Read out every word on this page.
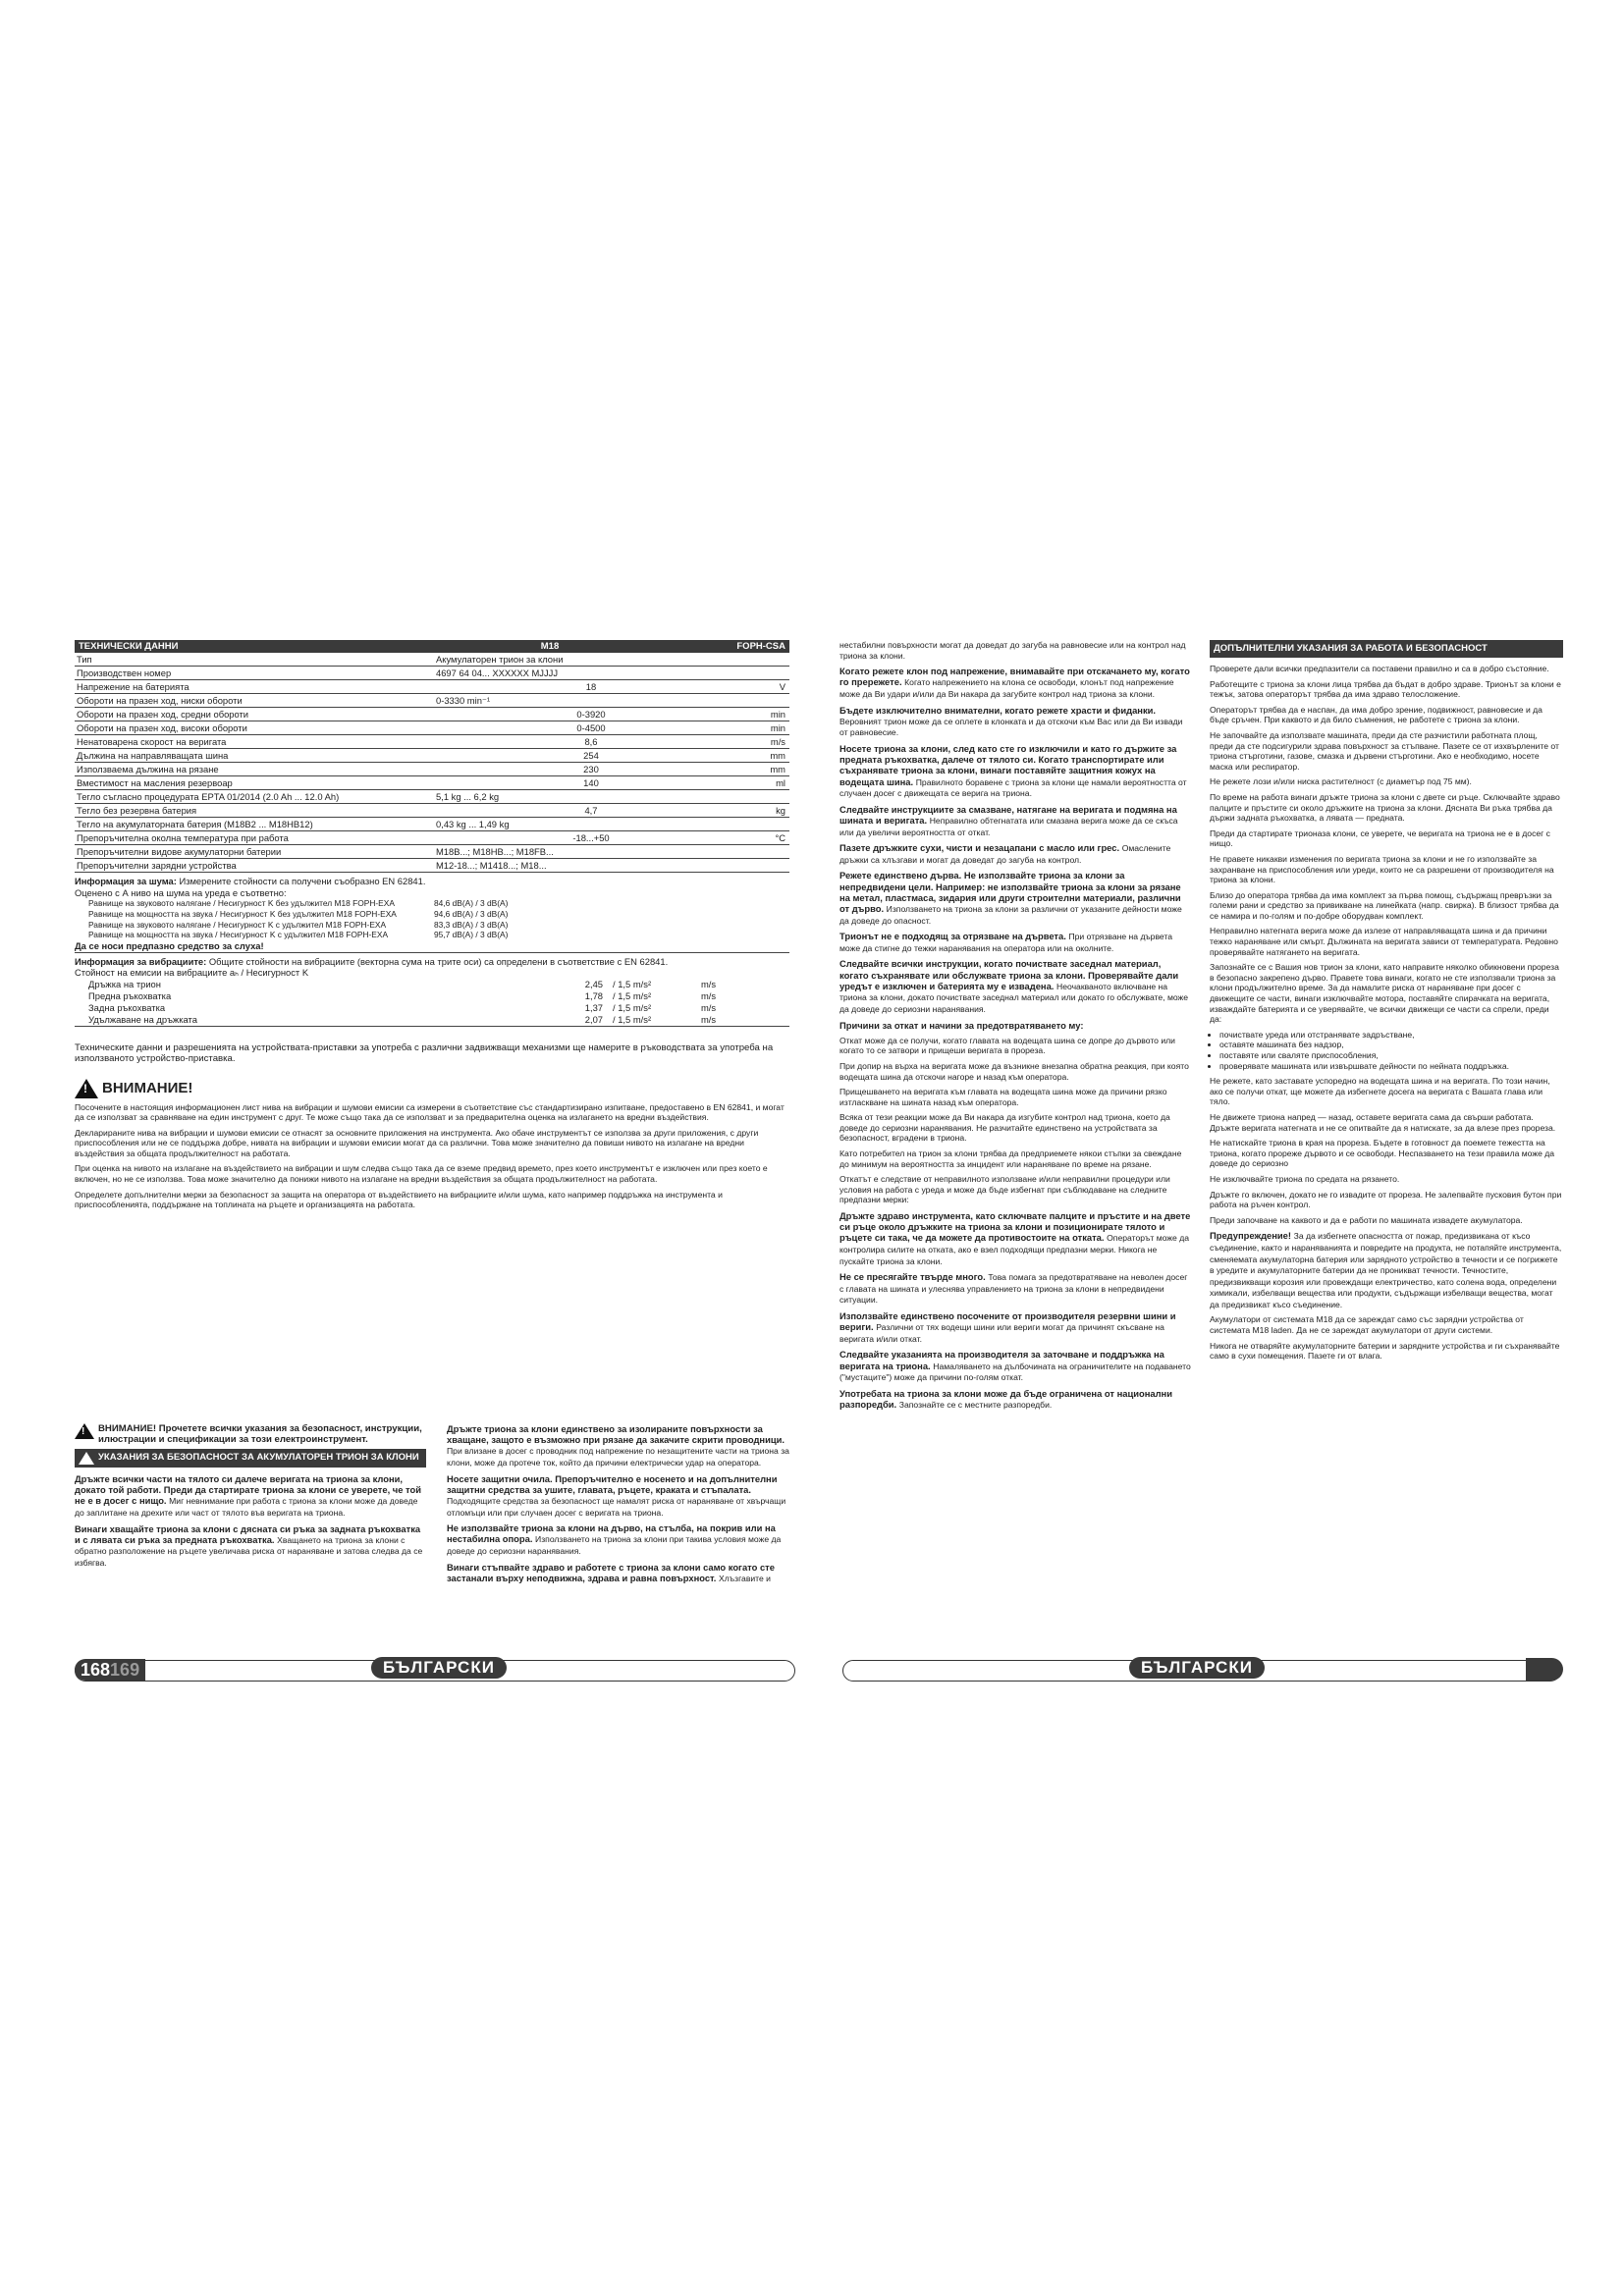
ТЕХНИЧЕСКИ ДАННИ	M18	FOPH-CSA
Тип	Акумулаторен трион за клони
Производствен номер	4697 64 04... XXXXXX MJJJJ
Напрежение на батерията	18	V
Обороти на празен ход, ниски обороти	0-3330 min⁻¹
Обороти на празен ход, средни обороти	0-3920	min
Обороти на празен ход, високи обороти	0-4500	min
Ненатоварена скорост на веригата	8,6	m/s
Дължина на направляващата шина	254	mm
Използваема дължина на рязане	230	mm
Вместимост на масления резервоар	140	ml
Тегло съгласно процедурата EPTA 01/2014 (2.0 Ah ... 12.0 Ah)	5,1 kg ... 6,2 kg
Тегло без резервна батерия	4,7	kg
Тегло на акумулаторната батерия (M18B2 ... M18HB12)	0,43 kg ... 1,49 kg
Препоръчителна околна температура при работа	-18...+50	°C
Препоръчителни видове акумулаторни батерии	M18B...; M18HB...; M18FB...
Препоръчителни зарядни устройства	M12-18...; M1418...; M18...
Информация за шума: Измерените стойности са получени съобразно EN 62841.
Оценено с А ниво на шума на уреда е съответно:
Равнище на звуковото налягане / Несигурност K без удължител M18 FOPH-EXA	84,6 dB(A) / 3 dB(A)
Равнище на мощността на звука / Несигурност K без удължител M18 FOPH-EXA	94,6 dB(A) / 3 dB(A)
Равнище на звуковото налягане / Несигурност K с удължител M18 FOPH-EXA	83,3 dB(A) / 3 dB(A)
Равнище на мощността на звука / Несигурност K с удължител M18 FOPH-EXA	95,7 dB(A) / 3 dB(A)
Да се носи предпазно средство за слуха!
Информация за вибрациите: Общите стойности на вибрациите (векторна сума на трите оси) са определени в съответствие с EN 62841.
Стойност на емисии на вибрациите aₕ / Несигурност K
Дръжка на трион	2,45	/ 1,5 m/s²	m/s
Предна ръкохватка	1,78	/ 1,5 m/s²	m/s
Задна ръкохватка	1,37	/ 1,5 m/s²	m/s
Удължаване на дръжката	2,07	/ 1,5 m/s²	m/s

Техническите данни и разрешенията на устройствата-приставки за употреба с различни задвижващи механизми ще намерите в ръководствата за употреба на използваното устройство-приставка.

! ВНИМАНИЕ!

Посочените в настоящия информационен лист нива на вибрации и шумови емисии са измерени в съответствие със стандартизирано изпитване, предоставено в EN 62841, и могат да се използват за сравняване на един инструмент с друг. Те може също така да се използват и за предварителна оценка на излагането на вредни въздействия.

Декларираните нива на вибрации и шумови емисии се отнасят за основните приложения на инструмента. Ако обаче инструментът се използва за други приложения, с други приспособления или не се поддържа добре, нивата на вибрации и шумови емисии могат да са различни. Това може значително да повиши нивото на излагане на вредни въздействия за общата продължителност на работата.

При оценка на нивото на излагане на въздействието на вибрации и шум следва също така да се вземе предвид времето, през което инструментът е изключен или през което е включен, но не се използва. Това може значително да понижи нивото на излагане на вредни въздействия за общата продължителност на работата.

Определете допълнителни мерки за безопасност за защита на оператора от въздействието на вибрациите и/или шума, като например поддръжка на инструмента и приспособленията, поддържане на топлината на ръцете и организацията на работата.

! ВНИМАНИЕ! Прочетете всички указания за безопасност, инструкции, илюстрации и спецификации за този електроинструмент.
УКАЗАНИЯ ЗА БЕЗОПАСНОСТ ЗА АКУМУЛАТОРЕН ТРИОН ЗА КЛОНИ

Дръжте всички части на тялото си далече веригата на триона за клони, докато той работи. Преди да стартирате триона за клони се уверете, че той не е в досег с нищо. Миг невнимание при работа с триона за клони може да доведе до заплитане на дрехите или част от тялото във веригата на триона.

Винаги хващайте триона за клони с дясната си ръка за задната ръкохватка и с лявата си ръка за предната ръкохватка. Хващането на триона за клони с обратно разположение на ръцете увеличава риска от нараняване и затова следва да се избягва.

Дръжте триона за клони единствено за изолираните повърхности за хващане, защото е възможно при рязане да закачите скрити проводници. При влизане в досег с проводник под напрежение по незащитените части на триона за клони, може да протече ток, който да причини електрически удар на оператора.

Носете защитни очила. Препоръчително е носенето и на допълнителни защитни средства за ушите, главата, ръцете, краката и стъпалата. Подходящите средства за безопасност ще намалят риска от нараняване от хвърчащи отломъци или при случаен досег с веригата на триона.

Не използвайте триона за клони на дърво, на стълба, на покрив или на нестабилна опора. Използването на триона за клони при такива условия може да доведе до сериозни наранявания.

Винаги стъпвайте здраво и работете с триона за клони само когато сте застанали върху неподвижна, здрава и равна повърхност. Хлъзгавите и

нестабилни повърхности могат да доведат до загуба на равновесие или на контрол над триона за клони.

Когато режете клон под напрежение, внимавайте при отскачането му, когато го прережете. Когато напрежението на клона се освободи, клонът под напрежение може да Ви удари и/или да Ви накара да загубите контрол над триона за клони.

Бъдете изключително внимателни, когато режете храсти и фиданки. Веровният трион може да се оплете в клонката и да отскочи към Вас или да Ви извади от равновесие.

Носете триона за клони, след като сте го изключили и като го държите за предната ръкохватка, далече от тялото си. Когато транспортирате или съхранявате триона за клони, винаги поставяйте защитния кожух на водещата шина. Правилното боравене с триона за клони ще намали вероятността от случаен досег с движещата се верига на триона.

Следвайте инструкциите за смазване, натягане на веригата и подмяна на шината и веригата. Неправилно обтегнатата или смазана верига може да се скъса или да увеличи вероятността от откат.

Пазете дръжките сухи, чисти и незацапани с масло или грес. Омаслените дръжки са хлъзгави и могат да доведат до загуба на контрол.

Режете единствено дърва. Не използвайте триона за клони за непредвидени цели. Например: не използвайте триона за клони за рязане на метал, пластмаса, зидария или други строителни материали, различни от дърво. Използването на триона за клони за различни от указаните дейности може да доведе до опасност.

Трионът не е подходящ за отрязване на дървета. При отрязване на дървета може да стигне до тежки наранявания на оператора или на околните.

Следвайте всички инструкции, когато почиствате заседнал материал, когато съхранявате или обслужвате триона за клони. Проверявайте дали уредът е изключен и батерията му е извадена. Неочакваното включване на триона за клони, докато почиствате заседнал материал или докато го обслужвате, може да доведе до сериозни наранявания.

Причини за откат и начини за предотвратяването му:

Откат може да се получи, когато главата на водещата шина се допре до дървото или когато то се затвори и прищеши веригата в прореза.

При допир на върха на веригата може да възникне внезапна обратна реакция, при която водещата шина да отскочи нагоре и назад към оператора.

Прищешването на веригата към главата на водещата шина може да причини рязко изтласкване на шината назад към оператора.

Всяка от тези реакции може да Ви накара да изгубите контрол над триона, което да доведе до сериозни наранявания. Не разчитайте единствено на устройствата за безопасност, вградени в триона.

Като потребител на трион за клони трябва да предприемете някои стъпки за свеждане до минимум на вероятността за инцидент или нараняване по време на рязане.

Откатът е следствие от неправилното използване и/или неправилни процедури или условия на работа с уреда и може да бъде избегнат при съблюдаване на следните предпазни мерки:

Дръжте здраво инструмента, като сключвате палците и пръстите и на двете си ръце около дръжките на триона за клони и позиционирате тялото и ръцете си така, че да можете да противостоите на отката. Операторът може да контролира силите на отката, ако е взел подходящи предпазни мерки. Никога не пускайте триона за клони.

Не се пресягайте твърде много. Това помага за предотвратяване на неволен досег с главата на шината и улеснява управлението на триона за клони в непредвидени ситуации.

Използвайте единствено посочените от производителя резервни шини и вериги. Различни от тях водещи шини или вериги могат да причинят скъсване на веригата и/или откат.

Следвайте указанията на производителя за заточване и поддръжка на веригата на триона. Намаляването на дълбочината на ограничителите на подаването ("мустаците") може да причини по-голям откат.

Употребата на триона за клони може да бъде ограничена от национални разпоредби. Запознайте се с местните разпоредби.

ДОПЪЛНИТЕЛНИ УКАЗАНИЯ ЗА РАБОТА И БЕЗОПАСНОСТ

Проверете дали всички предпазители са поставени правилно и са в добро състояние.

Работещите с триона за клони лица трябва да бъдат в добро здраве. Трионът за клони е тежък, затова операторът трябва да има здраво телосложение.

Операторът трябва да е наспан, да има добро зрение, подвижност, равновесие и да бъде сръчен. При каквото и да било съмнения, не работете с триона за клони.

Не започвайте да използвате машината, преди да сте разчистили работната площ, преди да сте подсигурили здрава повърхност за стъпване. Пазете се от изхвърлените от триона стърготини, газове, смазка и дървени стърготини. Ако е необходимо, носете маска или респиратор.

Не режете лози и/или ниска растителност (с диаметър под 75 мм).

По време на работа винаги дръжте триона за клони с двете си ръце. Сключвайте здраво палците и пръстите си около дръжките на триона за клони. Дясната Ви ръка трябва да държи задната ръкохватка, а лявата — предната.

Преди да стартирате трионаза клони, се уверете, че веригата на триона не е в досег с нищо.

Не правете никакви изменения по веригата триона за клони и не го използвайте за захранване на приспособления или уреди, които не са разрешени от производителя на триона за клони.

Близо до оператора трябва да има комплект за първа помощ, съдържащ превръзки за големи рани и средство за привикване на линейката (напр. свирка). В близост трябва да се намира и по-голям и по-добре оборудван комплект.

Неправилно натегната верига може да излезе от направляващата шина и да причини тежко нараняване или смърт. Дължината на веригата зависи от температурата. Редовно проверявайте натягането на веригата.

Запознайте се с Вашия нов трион за клони, като направите няколко обикновени прореза в безопасно закрепено дърво. Правете това винаги, когато не сте използвали триона за клони продължително време. За да намалите риска от нараняване при досег с движещите се части, винаги изключвайте мотора, поставяйте спирачката на веригата, изваждайте батерията и се уверявайте, че всички движещи се части са спрели, преди да:

• почиствате уреда или отстранявате задръстване,
• оставяте машината без надзор,
• поставяте или сваляте приспособления,
• проверявате машината или извършвате дейности по нейната поддръжка.

Не режете, като заставате успоредно на водещата шина и на веригата. По този начин, ако се получи откат, ще можете да избегнете досега на веригата с Вашата глава или тяло.

Не движете триона напред — назад, оставете веригата сама да свърши работата. Дръжте веригата натегната и не се опитвайте да я натискате, за да влезе през прореза.

Не натискайте триона в края на прореза. Бъдете в готовност да поемете тежестта на триона, когато прореже дървото и се освободи. Неспазването на тези правила може да доведе до сериозно

Не изключвайте триона по средата на рязането.

Дръжте го включен, докато не го извадите от прореза. Не залепвайте пусковия бутон при работа на ръчен контрол.

Преди започване на каквото и да е работи по машината извадете акумулатора.

Предупреждение! За да избегнете опасността от пожар, предизвикана от късо съединение, както и нараняванията и повредите на продукта, не потапяйте инструмента, сменяемата акумулаторна батерия или зарядното устройство в течности и се погрижете в уредите и акумулаторните батерии да не проникват течности. Течностите, предизвикващи корозия или провеждащи електричество, като солена вода, определени химикали, избелващи вещества или продукти, съдържащи избелващи вещества, могат да предизвикат късо съединение.

Акумулатори от системата M18 да се зареждат само със зарядни устройства от системата M18 laden. Да не се зареждат акумулатори от други системи.

Никога не отваряйте акумулаторните батерии и зарядните устройства и ги съхранявайте само в сухи помещения. Пазете ги от влага.

168169	БЪЛГАРСКИ	БЪЛГАРСКИ
